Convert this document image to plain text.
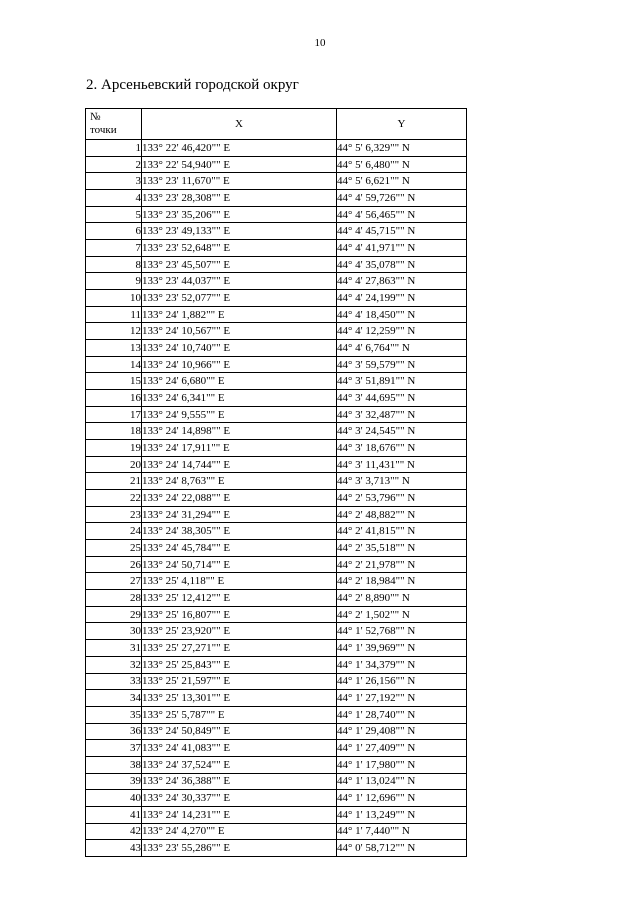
10
2. Арсеньевский городской округ
№
точки	X	Y
1	133° 22' 46,420"" E	44° 5' 6,329"" N
2	133° 22' 54,940"" E	44° 5' 6,480"" N
3	133° 23' 11,670"" E	44° 5' 6,621"" N
4	133° 23' 28,308"" E	44° 4' 59,726"" N
5	133° 23' 35,206"" E	44° 4' 56,465"" N
6	133° 23' 49,133"" E	44° 4' 45,715"" N
7	133° 23' 52,648"" E	44° 4' 41,971"" N
8	133° 23' 45,507"" E	44° 4' 35,078"" N
9	133° 23' 44,037"" E	44° 4' 27,863"" N
10	133° 23' 52,077"" E	44° 4' 24,199"" N
11	133° 24' 1,882"" E	44° 4' 18,450"" N
12	133° 24' 10,567"" E	44° 4' 12,259"" N
13	133° 24' 10,740"" E	44° 4' 6,764"" N
14	133° 24' 10,966"" E	44° 3' 59,579"" N
15	133° 24' 6,680"" E	44° 3' 51,891"" N
16	133° 24' 6,341"" E	44° 3' 44,695"" N
17	133° 24' 9,555"" E	44° 3' 32,487"" N
18	133° 24' 14,898"" E	44° 3' 24,545"" N
19	133° 24' 17,911"" E	44° 3' 18,676"" N
20	133° 24' 14,744"" E	44° 3' 11,431"" N
21	133° 24' 8,763"" E	44° 3' 3,713"" N
22	133° 24' 22,088"" E	44° 2' 53,796"" N
23	133° 24' 31,294"" E	44° 2' 48,882"" N
24	133° 24' 38,305"" E	44° 2' 41,815"" N
25	133° 24' 45,784"" E	44° 2' 35,518"" N
26	133° 24' 50,714"" E	44° 2' 21,978"" N
27	133° 25' 4,118"" E	44° 2' 18,984"" N
28	133° 25' 12,412"" E	44° 2' 8,890"" N
29	133° 25' 16,807"" E	44° 2' 1,502"" N
30	133° 25' 23,920"" E	44° 1' 52,768"" N
31	133° 25' 27,271"" E	44° 1' 39,969"" N
32	133° 25' 25,843"" E	44° 1' 34,379"" N
33	133° 25' 21,597"" E	44° 1' 26,156"" N
34	133° 25' 13,301"" E	44° 1' 27,192"" N
35	133° 25' 5,787"" E	44° 1' 28,740"" N
36	133° 24' 50,849"" E	44° 1' 29,408"" N
37	133° 24' 41,083"" E	44° 1' 27,409"" N
38	133° 24' 37,524"" E	44° 1' 17,980"" N
39	133° 24' 36,388"" E	44° 1' 13,024"" N
40	133° 24' 30,337"" E	44° 1' 12,696"" N
41	133° 24' 14,231"" E	44° 1' 13,249"" N
42	133° 24' 4,270"" E	44° 1' 7,440"" N
43	133° 23' 55,286"" E	44° 0' 58,712"" N
